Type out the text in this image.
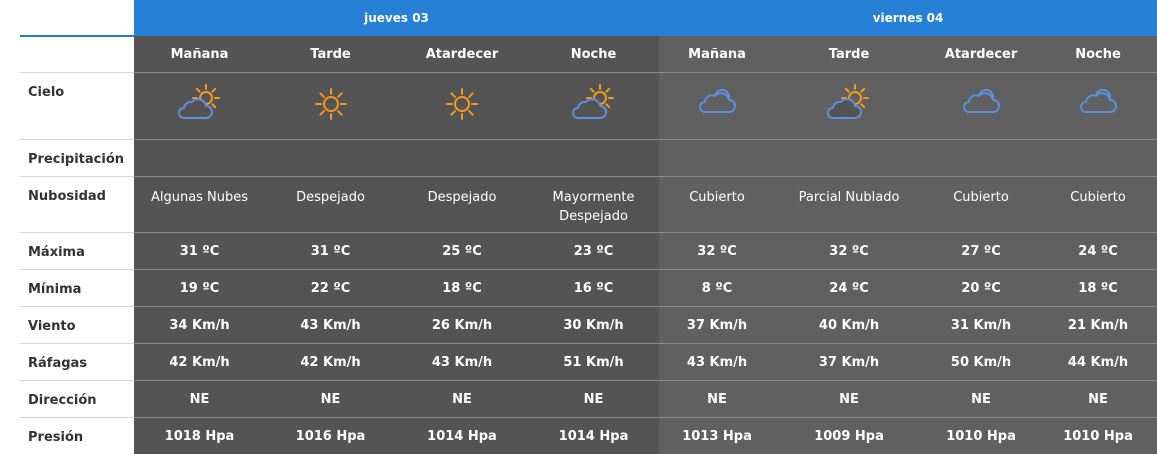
	jueves 03				viernes 04			
	Mañana	Tarde	Atardecer	Noche	Mañana	Tarde	Atardecer	Noche
Cielo	

Precipitación								
Nubosidad	Algunas Nubes	Despejado	Despejado	Mayormente Despejado	Cubierto	Parcial Nublado	Cubierto	Cubierto
Máxima	31 ºC	31 ºC	25 ºC	23 ºC	32 ºC	32 ºC	27 ºC	24 ºC
Mínima	19 ºC	22 ºC	18 ºC	16 ºC	8 ºC	24 ºC	20 ºC	18 ºC
Viento	34 Km/h	43 Km/h	26 Km/h	30 Km/h	37 Km/h	40 Km/h	31 Km/h	21 Km/h
Ráfagas	42 Km/h	42 Km/h	43 Km/h	51 Km/h	43 Km/h	37 Km/h	50 Km/h	44 Km/h
Dirección	NE	NE	NE	NE	NE	NE	NE	NE
Presión	1018 Hpa	1016 Hpa	1014 Hpa	1014 Hpa	1013 Hpa	1009 Hpa	1010 Hpa	1010 Hpa
